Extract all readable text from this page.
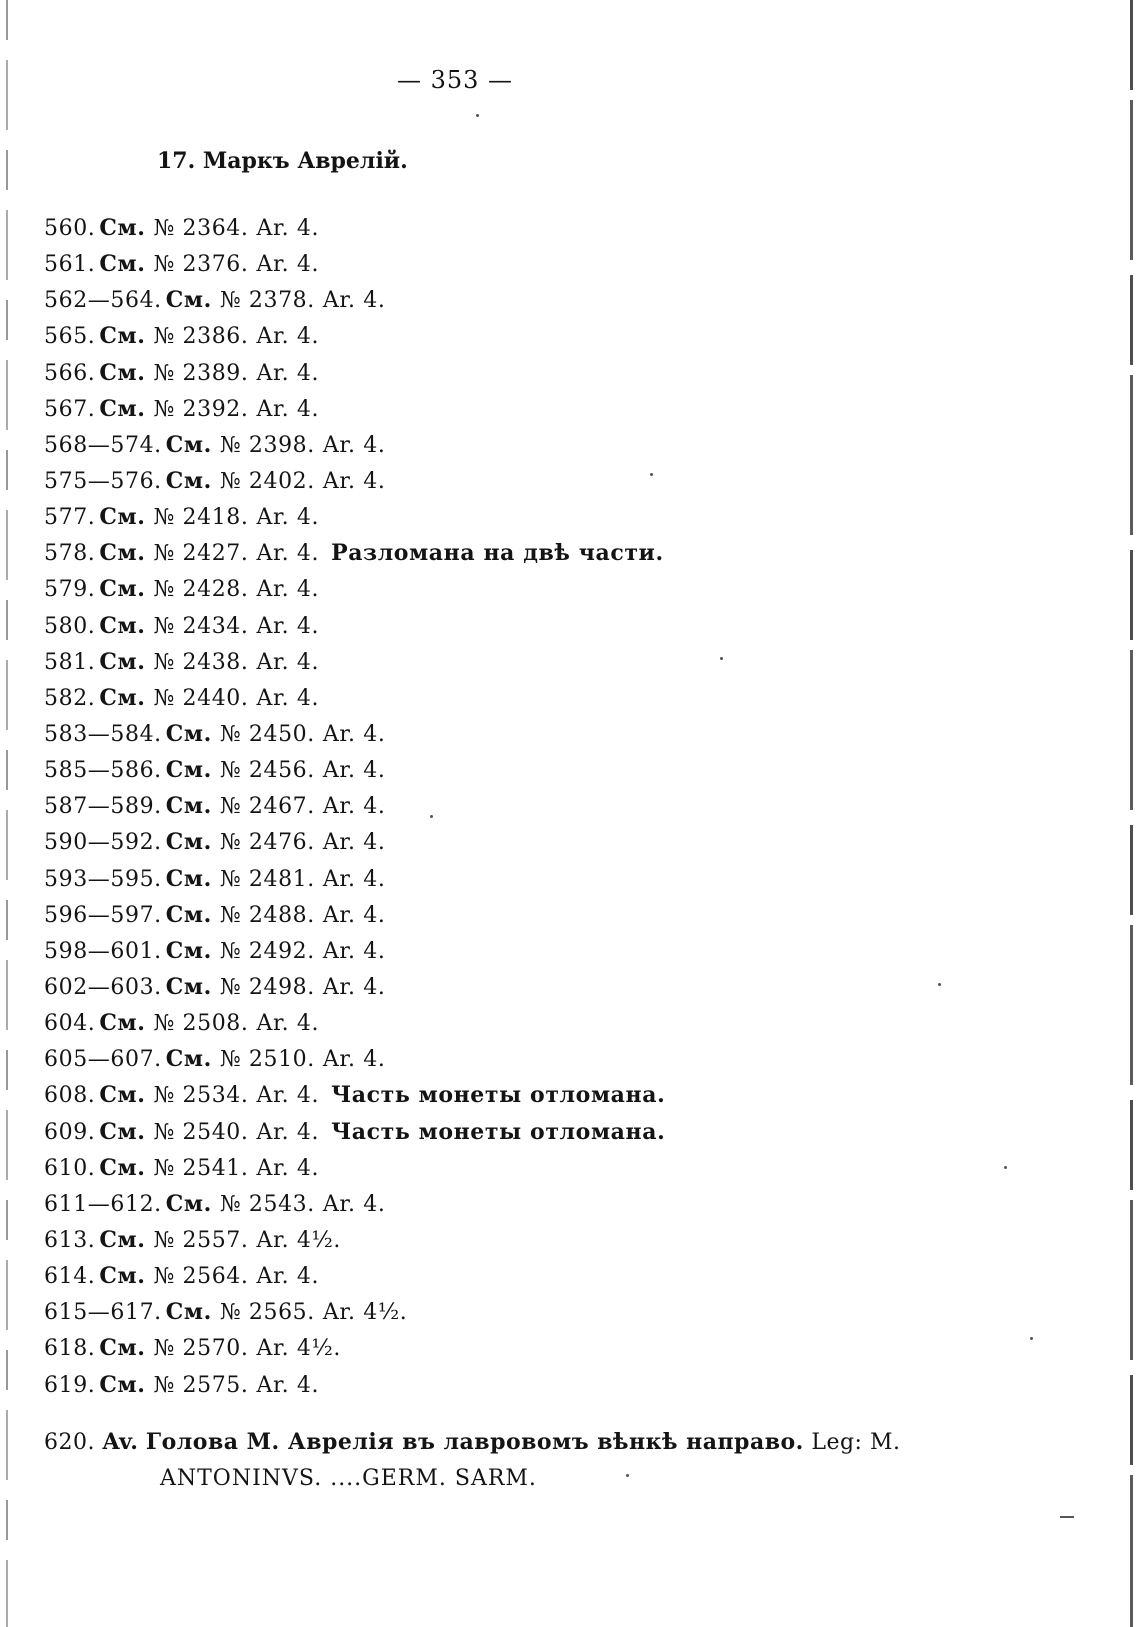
— 353 —
17. Маркъ Аврелій.
560. См. № 2364. Ar. 4.
561. См. № 2376. Ar. 4.
562—564. См. № 2378. Ar. 4.
565. См. № 2386. Ar. 4.
566. См. № 2389. Ar. 4.
567. См. № 2392. Ar. 4.
568—574. См. № 2398. Ar. 4.
575—576. См. № 2402. Ar. 4.
577. См. № 2418. Ar. 4.
578. См. № 2427. Ar. 4. Разломана на двѣ части.
579. См. № 2428. Ar. 4.
580. См. № 2434. Ar. 4.
581. См. № 2438. Ar. 4.
582. См. № 2440. Ar. 4.
583—584. См. № 2450. Ar. 4.
585—586. См. № 2456. Ar. 4.
587—589. См. № 2467. Ar. 4.
590—592. См. № 2476. Ar. 4.
593—595. См. № 2481. Ar. 4.
596—597. См. № 2488. Ar. 4.
598—601. См. № 2492. Ar. 4.
602—603. См. № 2498. Ar. 4.
604. См. № 2508. Ar. 4.
605—607. См. № 2510. Ar. 4.
608. См. № 2534. Ar. 4. Часть монеты отломана.
609. См. № 2540. Ar. 4. Часть монеты отломана.
610. См. № 2541. Ar. 4.
611—612. См. № 2543. Ar. 4.
613. См. № 2557. Ar. 4½.
614. См. № 2564. Ar. 4.
615—617. См. № 2565. Ar. 4½.
618. См. № 2570. Ar. 4½.
619. См. № 2575. Ar. 4.
620. Av. Голова М. Аврелія въ лавровомъ вѣнкѣ направо. Leg: M.
ANTONINVS. ....GERM. SARM.
